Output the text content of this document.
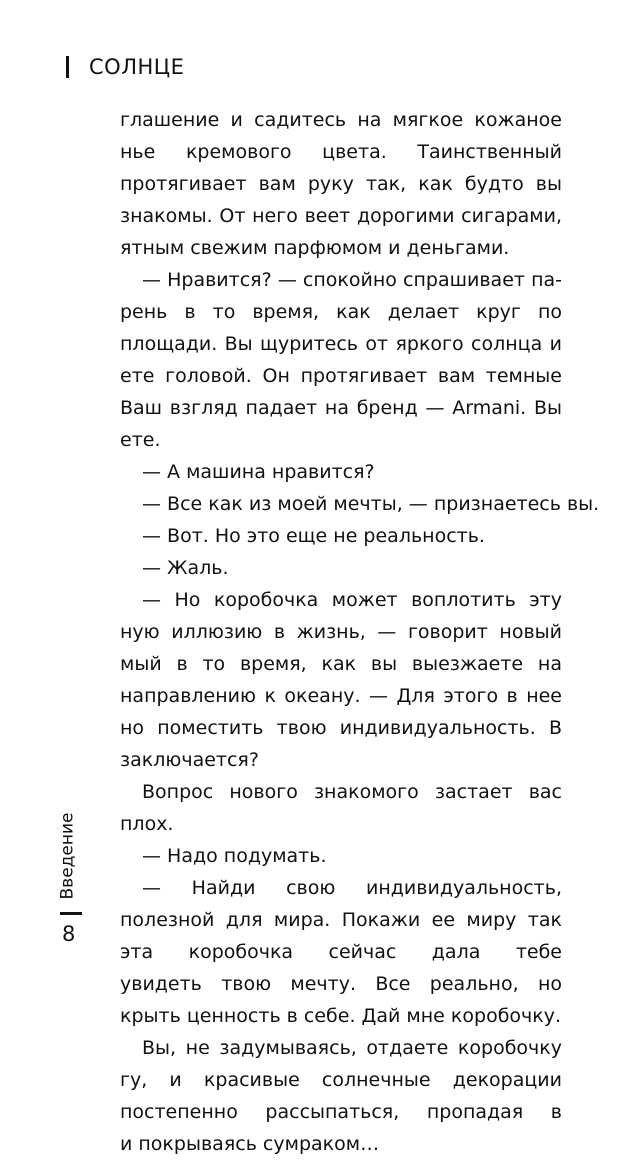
СОЛНЦЕ
глашение и садитесь на мягкое кожаное
нье кремового цвета. Таинственный
протягивает вам руку так, как будто вы
знакомы. От него веет дорогими сигарами,
ятным свежим парфюмом и деньгами.
— Нравится? — спокойно спрашивает па-
рень в то время, как делает круг по
площади. Вы щуритесь от яркого солнца и
ете головой. Он протягивает вам темные
Ваш взгляд падает на бренд — Armani. Вы
ете.
— А машина нравится?
— Все как из моей мечты, — признаетесь вы.
— Вот. Но это еще не реальность.
— Жаль.
— Но коробочка может воплотить эту
ную иллюзию в жизнь, — говорит новый
мый в то время, как вы выезжаете на
направлению к океану. — Для этого в нее
но поместить твою индивидуальность. В
заключается?
Вопрос нового знакомого застает вас
плох.
— Надо подумать.
— Найди свою индивидуальность,
полезной для мира. Покажи ее миру так
эта коробочка сейчас дала тебе
увидеть твою мечту. Все реально, но
крыть ценность в себе. Дай мне коробочку.
Вы, не задумываясь, отдаете коробочку
гу, и красивые солнечные декорации
постепенно рассыпаться, пропадая в
и покрываясь сумраком…
Введение
8
